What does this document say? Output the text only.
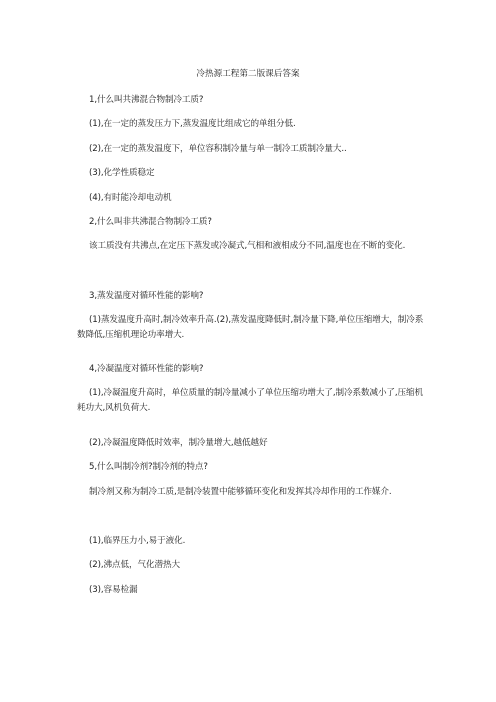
冷热源工程第二版课后答案
1,什么叫共沸混合物制冷工质?
(1),在一定的蒸发压力下,蒸发温度比组成它的单组分低.
(2),在一定的蒸发温度下，单位容积制冷量与单一制冷工质制冷量大..
(3),化学性质稳定
(4),有时能冷却电动机
2,什么叫非共沸混合物制冷工质?
该工质没有共沸点,在定压下蒸发或冷凝式,气相和液相成分不同,温度也在不断的变化.
3,蒸发温度对循环性能的影响?
(1)蒸发温度升高时,制冷效率升高.(2),蒸发温度降低时,制冷量下降,单位压缩增大，制冷系数降低,压缩机理论功率增大.
4,冷凝温度对循环性能的影响?
(1),冷凝温度升高时，单位质量的制冷量减小了单位压缩功增大了,制冷系数减小了,压缩机耗功大,风机负荷大.
(2),冷凝温度降低时效率，制冷量增大,越低越好
5,什么叫制冷剂?制冷剂的特点?
制冷剂又称为制冷工质,是制冷装置中能够循环变化和发挥其冷却作用的工作媒介.
(1),临界压力小,易于液化.
(2),沸点低，气化潜热大
(3),容易检漏
